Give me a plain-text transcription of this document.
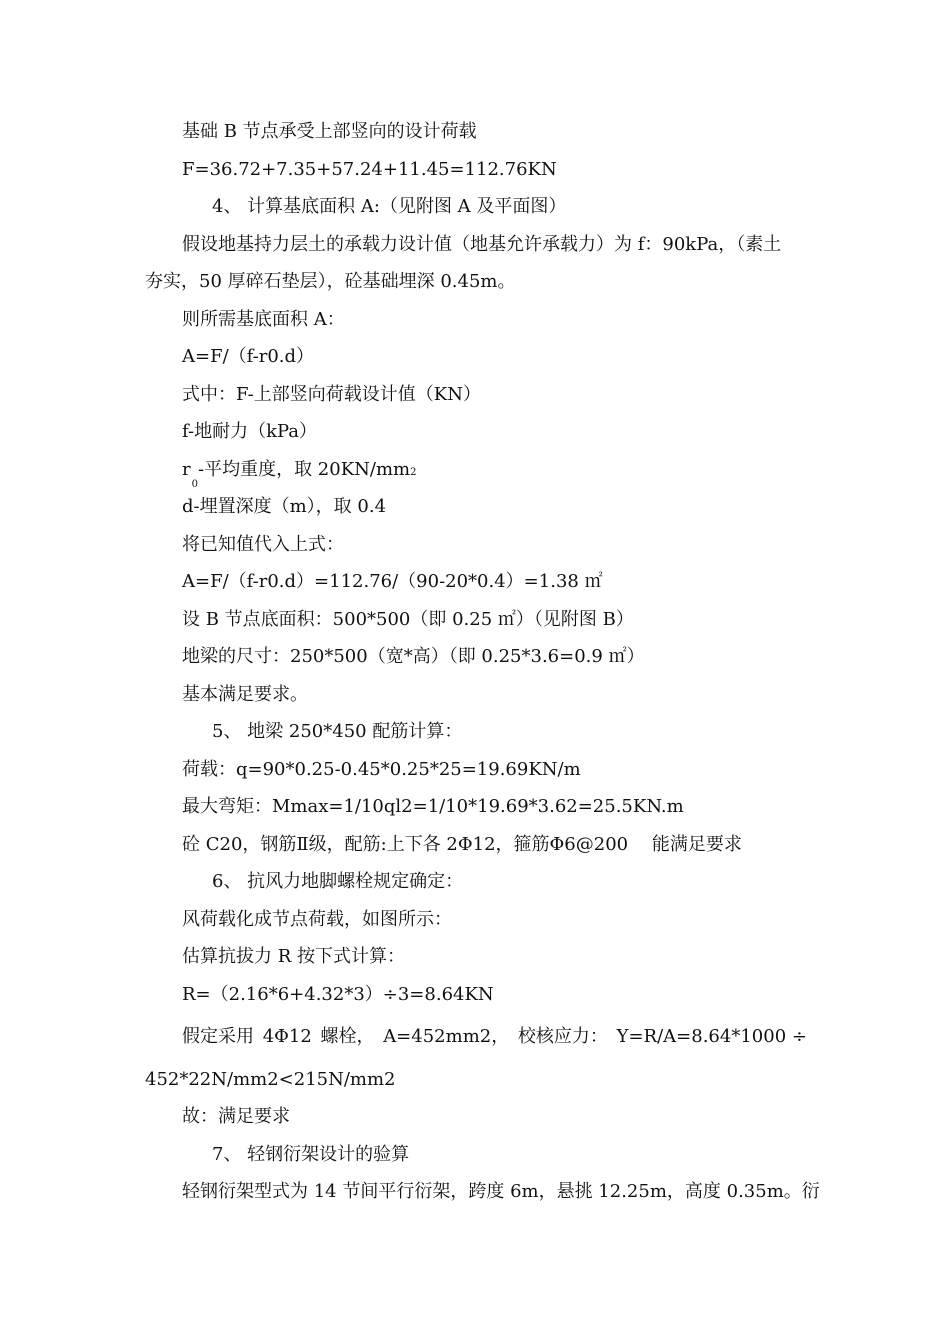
基础 B 节点承受上部竖向的设计荷载
F=36.72+7.35+57.24+11.45=112.76KN
4、 计算基底面积 A:（见附图 A 及平面图）
假设地基持力层土的承载力设计值（地基允许承载力）为 f：90kPa，（素土
夯实，50 厚碎石垫层），砼基础埋深 0.45m。
则所需基底面积 A：
A=F/（f-r0.d）
式中：F-上部竖向荷载设计值（KN）
f-地耐力（kPa）
$r_0-$平均重度，取 20KN/mm2
d-埋置深度（m），取 0.4
将已知值代入上式：
A=F/（f-r0.d）=112.76/（90-20*0.4）=1.38 ㎡
设 B 节点底面积：500*500（即 0.25 ㎡）（见附图 B）
地梁的尺寸：250*500（宽*高）（即 0.25*3.6=0.9 ㎡）
基本满足要求。
5、 地梁 250*450 配筋计算：
荷载：q=90*0.25-0.45*0.25*25=19.69KN/m
最大弯矩：Mmax=1/10ql2=1/10*19.69*3.62=25.5KN.m
砼 C20，钢筋Ⅱ级，配筋:上下各 2Φ12，箍筋Φ6@200　 能满足要求
6、 抗风力地脚螺栓规定确定：
风荷载化成节点荷载，如图所示：
估算抗拔力 R 按下式计算：
R=（2.16*6+4.32*3）÷3=8.64KN
假定采用 4Φ12 螺栓， A=452mm2， 校核应力： Y=R/A=8.64*1000 ÷
452*22N/mm2<215N/mm2
故：满足要求
7、 轻钢衍架设计的验算
轻钢衍架型式为 14 节间平行衍架，跨度 6m，悬挑 12.25m，高度 0.35m。衍
